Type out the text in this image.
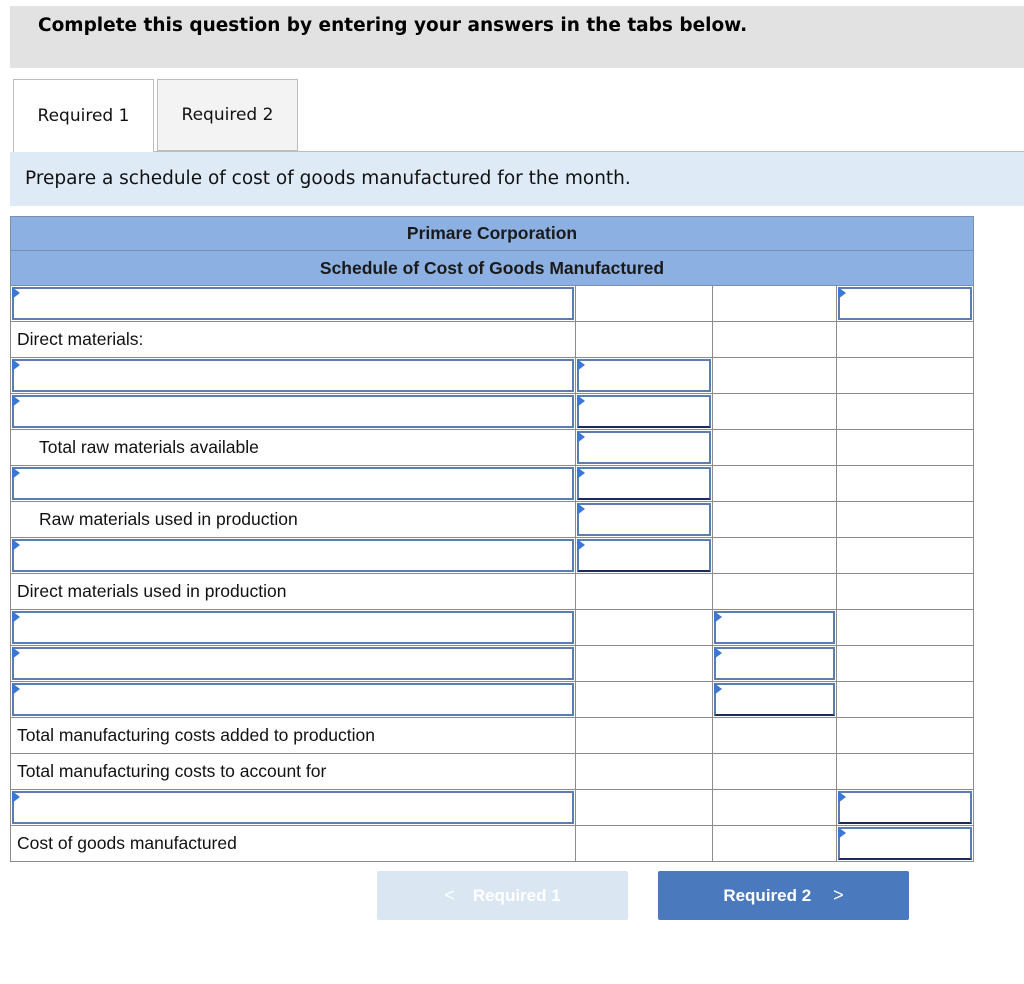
Complete this question by entering your answers in the tabs below.
Required 1	Required 2
Prepare a schedule of cost of goods manufactured for the month.
Primare Corporation
Schedule of Cost of Goods Manufactured
Direct materials:
Total raw materials available
Raw materials used in production
Direct materials used in production
Total manufacturing costs added to production
Total manufacturing costs to account for
Cost of goods manufactured
< Required 1	Required 2 >
